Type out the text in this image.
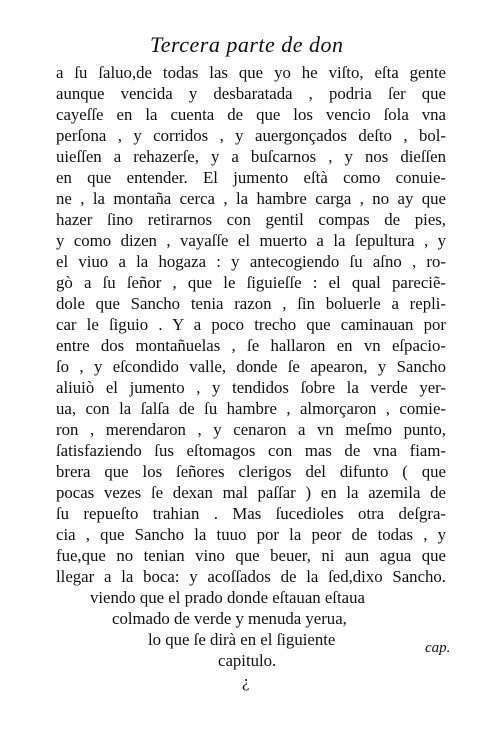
Tercera parte de don
a ſu ſaluo,de todas las que yo he viſto, eſta gente
aunque vencida y desbaratada , podria ſer que
cayeſſe en la cuenta de que los vencio ſola vna
perſona , y corridos , y auergonçados deſto , bol-
uieſſen a rehazerſe, y a buſcarnos , y nos dieſſen
en que entender. El jumento eſtà como conuie-
ne , la montaña cerca , la hambre carga , no ay que
hazer ſino retirarnos con gentil compas de pies,
y como dizen , vayaſſe el muerto a la ſepultura , y
el viuo a la hogaza : y antecogiendo ſu aſno , ro-
gò a ſu ſeñor , que le ſiguieſſe : el qual pareciẽ-
dole que Sancho tenia razon , ſin boluerle a repli-
car le ſiguio . Y a poco trecho que caminauan por
entre dos montañuelas , ſe hallaron en vn eſpacio-
ſo , y eſcondido valle, donde ſe apearon, y Sancho
aliuiò el jumento , y tendidos ſobre la verde yer-
ua, con la ſalſa de ſu hambre , almorçaron , comie-
ron , merendaron , y cenaron a vn meſmo punto,
ſatisfaziendo ſus eſtomagos con mas de vna fiam-
brera que los ſeñores clerigos del difunto ( que
pocas vezes ſe dexan mal paſſar ) en la azemila de
ſu repueſto trahian . Mas ſucedioles otra deſgra-
cia , que Sancho la tuuo por la peor de todas , y
fue,que no tenian vino que beuer, ni aun agua que
llegar a la boca: y acoſſados de la ſed,dixo Sancho.
viendo que el prado donde eſtauan eſtaua
colmado de verde y menuda yerua,
lo que ſe dirà en el ſiguiente
capitulo.
¿
cap.
